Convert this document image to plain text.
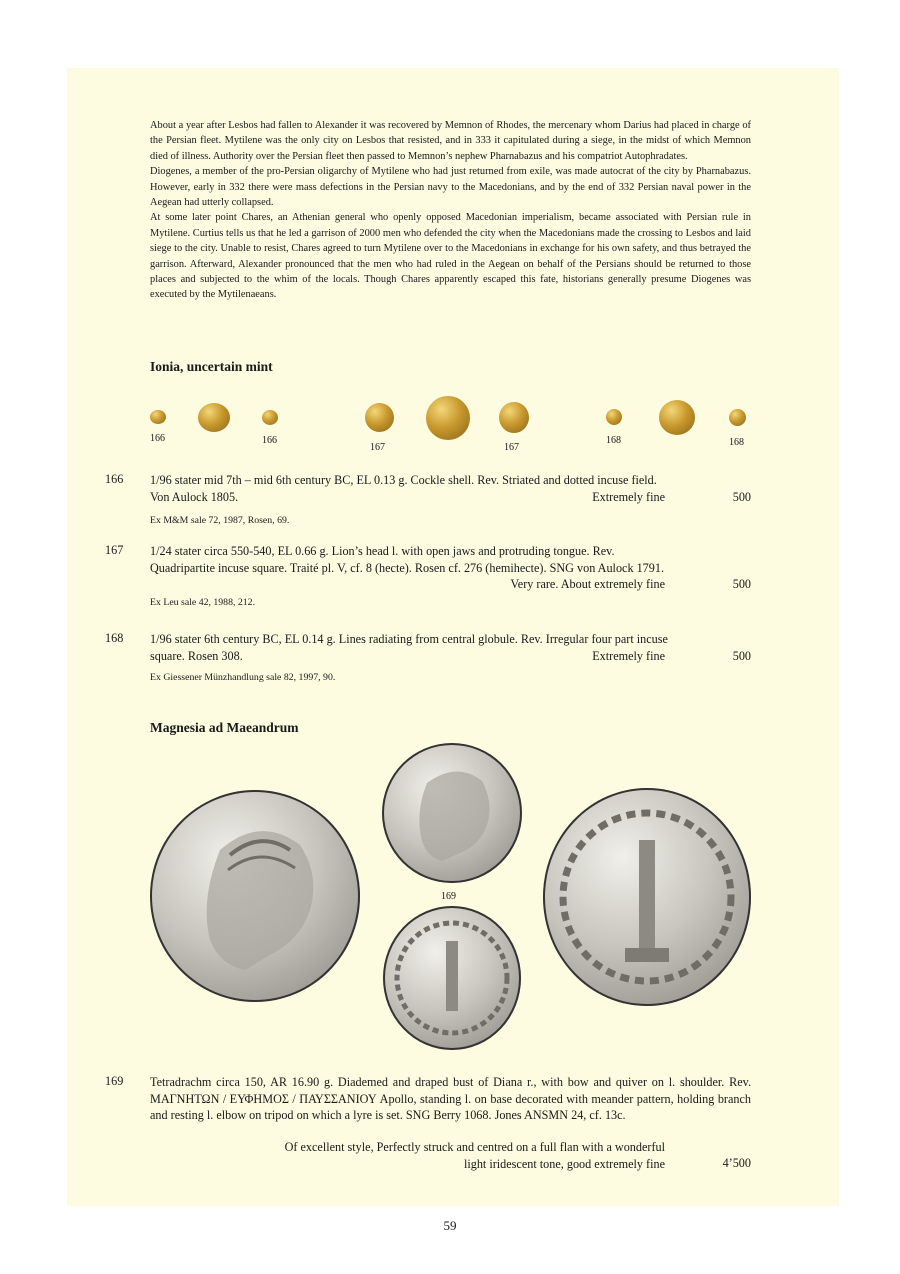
About a year after Lesbos had fallen to Alexander it was recovered by Memnon of Rhodes, the mercenary whom Darius had placed in charge of the Persian fleet. Mytilene was the only city on Lesbos that resisted, and in 333 it capitulated during a siege, in the midst of which Memnon died of illness. Authority over the Persian fleet then passed to Memnon’s nephew Pharnabazus and his compatriot Autophradates.

Diogenes, a member of the pro-Persian oligarchy of Mytilene who had just returned from exile, was made autocrat of the city by Pharnabazus. However, early in 332 there were mass defections in the Persian navy to the Macedonians, and by the end of 332 Persian naval power in the Aegean had utterly collapsed.

At some later point Chares, an Athenian general who openly opposed Macedonian imperialism, became associated with Persian rule in Mytilene. Curtius tells us that he led a garrison of 2000 men who defended the city when the Macedonians made the crossing to Lesbos and laid siege to the city. Unable to resist, Chares agreed to turn Mytilene over to the Macedonians in exchange for his own safety, and thus betrayed the garrison. Afterward, Alexander pronounced that the men who had ruled in the Aegean on behalf of the Persians should be returned to those places and subjected to the whim of the locals. Though Chares apparently escaped this fate, historians generally presume Diogenes was executed by the Mytilenaeans.

Ionia, uncertain mint
166	166
167	167
168	168
166 1/96 stater mid 7th – mid 6th century BC, EL 0.13 g. Cockle shell. Rev. Striated and dotted incuse field.

Von Aulock 1805.	Extremely fine	500
Ex M&M sale 72, 1987, Rosen, 69.
167 1/24 stater circa 550-540, EL 0.66 g. Lion’s head l. with open jaws and protruding tongue. Rev.

Quadripartite incuse square. Traité pl. V, cf. 8 (hecte). Rosen cf. 276 (hemihecte). SNG von Aulock 1791.

Very rare. About extremely fine	500
Ex Leu sale 42, 1988, 212.
168 1/96 stater 6th century BC, EL 0.14 g. Lines radiating from central globule. Rev. Irregular four part incuse

square. Rosen 308.	Extremely fine	500
Ex Giessener Münzhandlung sale 82, 1997, 90.
Magnesia ad Maeandrum
169
169 Tetradrachm circa 150, AR 16.90 g. Diademed and draped bust of Diana r., with bow and quiver on l. shoulder. Rev. ΜΑΓΝΗΤΩΝ / ΕΥΦΗΜΟΣ / ΠΑΥΣΣΑΝΙΟΥ Apollo, standing l. on base decorated with meander pattern, holding branch and resting l. elbow on tripod on which a lyre is set. SNG Berry 1068. Jones ANSMN 24, cf. 13c.

Of excellent style, Perfectly struck and centred on a full flan with a wonderful
light iridescent tone, good extremely fine	4’500
59
